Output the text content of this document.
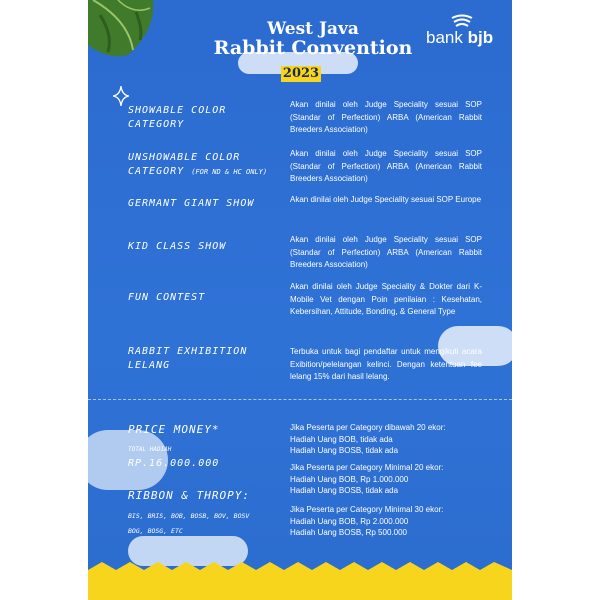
West Java
Rabbit Convention
2023
bank bjb
SHOWABLE COLOR CATEGORY
Akan dinilai oleh Judge Speciality sesuai SOP (Standar of Perfection) ARBA (American Rabbit Breeders Association)
UNSHOWABLE COLOR CATEGORY (FOR ND & HC ONLY)
Akan dinilai oleh Judge Speciality sesuai SOP (Standar of Perfection) ARBA (American Rabbit Breeders Association)
GERMANT GIANT SHOW	Akan dinilai oleh Judge Speciality sesuai SOP Europe
KID CLASS SHOW
Akan dinilai oleh Judge Speciality sesuai SOP (Standar of Perfection) ARBA (American Rabbit Breeders Association)
FUN CONTEST
Akan dinilai oleh Judge Speciality & Dokter dari K-Mobile Vet dengan Poin penilaian : Kesehatan, Kebersihan, Attitude, Bonding, & General Type
RABBIT EXHIBITION LELANG
Terbuka untuk bagi pendaftar untuk mengikuti acara Exibition/pelelangan kelinci. Dengan ketentuan fee lelang 15% dari hasil lelang.
PRICE MONEY*
TOTAL HADIAH
RP.16.000.000
RIBBON & THROPY:
BIS, BRIS, BOB, BOSB, BOV, BOSV
BOG, BOSG, ETC
Jika Peserta per Category dibawah 20 ekor:
Hadiah Uang BOB, tidak ada
Hadiah Uang BOSB, tidak ada
Jika Peserta per Category Minimal 20 ekor:
Hadiah Uang BOB, Rp 1.000.000
Hadiah Uang BOSB, tidak ada
Jika Peserta per Category Minimal 30 ekor:
Hadiah Uang BOB, Rp 2.000.000
Hadiah Uang BOSB, Rp 500.000
